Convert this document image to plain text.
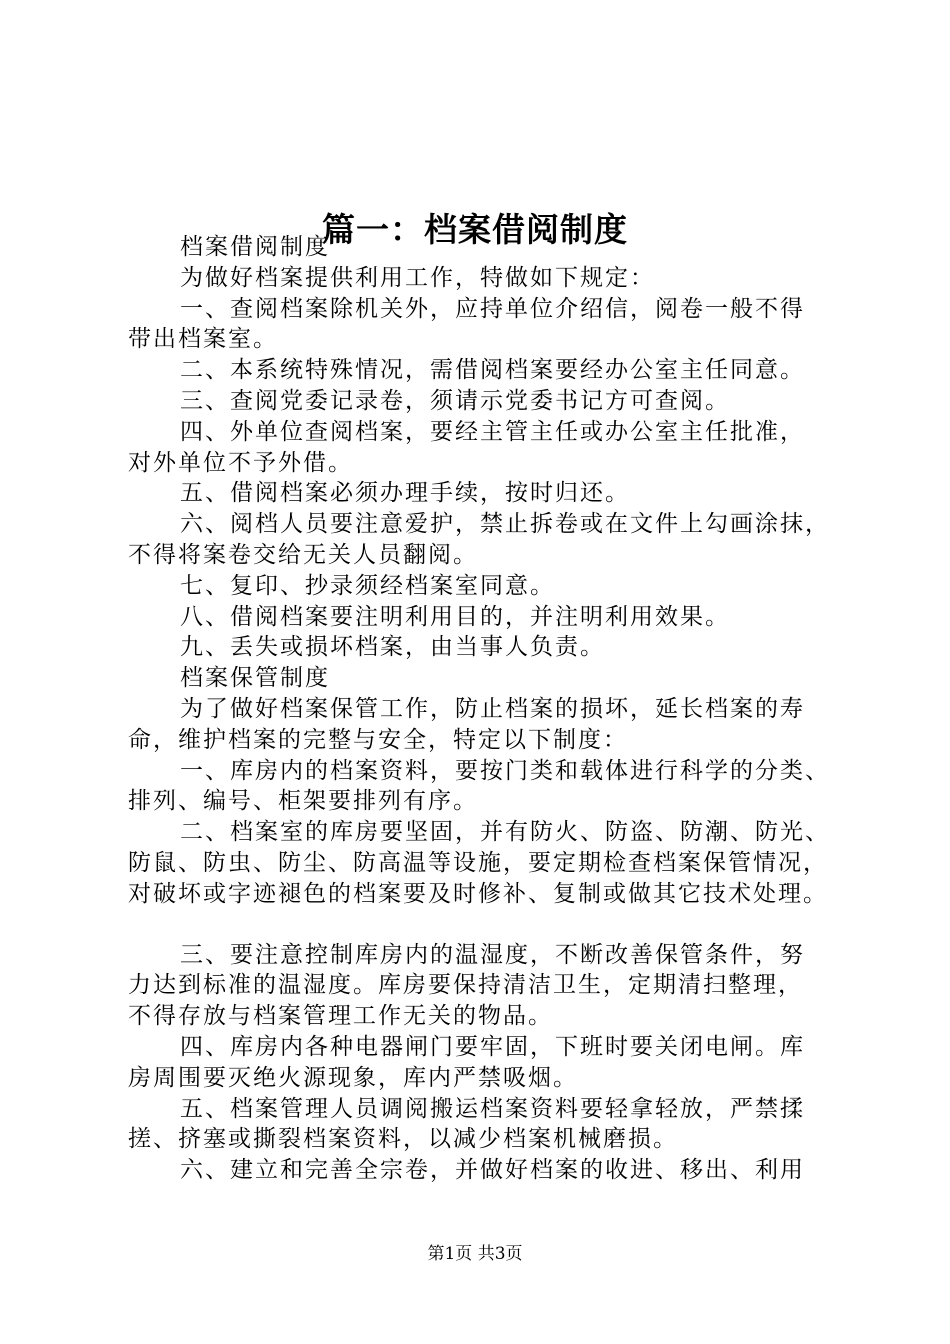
篇一：档案借阅制度

档案借阅制度

为做好档案提供利用工作，特做如下规定：

一、查阅档案除机关外，应持单位介绍信，阅卷一般不得
带出档案室。

二、本系统特殊情况，需借阅档案要经办公室主任同意。

三、查阅党委记录卷，须请示党委书记方可查阅。

四、外单位查阅档案，要经主管主任或办公室主任批准，
对外单位不予外借。

五、借阅档案必须办理手续，按时归还。

六、阅档人员要注意爱护，禁止拆卷或在文件上勾画涂抹，
不得将案卷交给无关人员翻阅。

七、复印、抄录须经档案室同意。

八、借阅档案要注明利用目的，并注明利用效果。

九、丢失或损坏档案，由当事人负责。

档案保管制度

为了做好档案保管工作，防止档案的损坏，延长档案的寿
命，维护档案的完整与安全，特定以下制度：

一、库房内的档案资料，要按门类和载体进行科学的分类、
排列、编号、柜架要排列有序。

二、档案室的库房要坚固，并有防火、防盗、防潮、防光、
防鼠、防虫、防尘、防高温等设施，要定期检查档案保管情况，
对破坏或字迹褪色的档案要及时修补、复制或做其它技术处理。

三、要注意控制库房内的温湿度，不断改善保管条件，努
力达到标准的温湿度。库房要保持清洁卫生，定期清扫整理，
不得存放与档案管理工作无关的物品。

四、库房内各种电器闸门要牢固，下班时要关闭电闸。库
房周围要灭绝火源现象，库内严禁吸烟。

五、档案管理人员调阅搬运档案资料要轻拿轻放，严禁揉
搓、挤塞或撕裂档案资料，以减少档案机械磨损。

六、建立和完善全宗卷，并做好档案的收进、移出、利用

第1页 共3页
